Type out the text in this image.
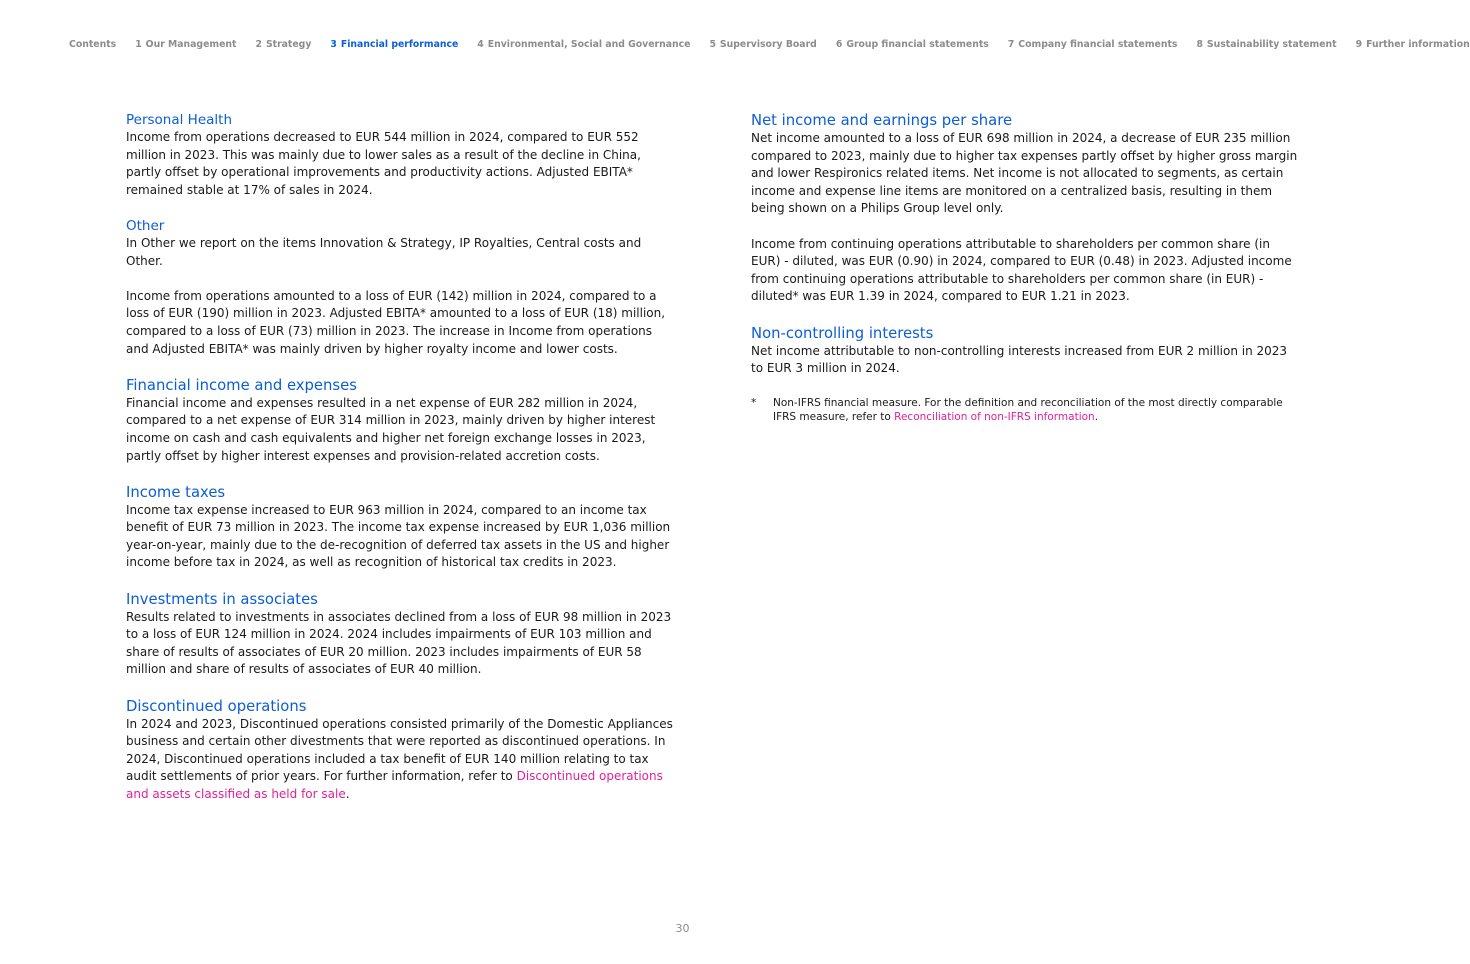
Contents 1 Our Management 2 Strategy 3 Financial performance 4 Environmental, Social and Governance 5 Supervisory Board 6 Group financial statements 7 Company financial statements 8 Sustainability statement 9 Further information
Personal Health

Income from operations decreased to EUR 544 million in 2024, compared to EUR 552 million in 2023. This was mainly due to lower sales as a result of the decline in China, partly offset by operational improvements and productivity actions. Adjusted EBITA* remained stable at 17% of sales in 2024.

Other

In Other we report on the items Innovation & Strategy, IP Royalties, Central costs and Other.

Income from operations amounted to a loss of EUR (142) million in 2024, compared to a loss of EUR (190) million in 2023. Adjusted EBITA* amounted to a loss of EUR (18) million, compared to a loss of EUR (73) million in 2023. The increase in Income from operations and Adjusted EBITA* was mainly driven by higher royalty income and lower costs.

Financial income and expenses

Financial income and expenses resulted in a net expense of EUR 282 million in 2024, compared to a net expense of EUR 314 million in 2023, mainly driven by higher interest income on cash and cash equivalents and higher net foreign exchange losses in 2023, partly offset by higher interest expenses and provision-related accretion costs.

Income taxes

Income tax expense increased to EUR 963 million in 2024, compared to an income tax benefit of EUR 73 million in 2023. The income tax expense increased by EUR 1,036 million year-on-year, mainly due to the de-recognition of deferred tax assets in the US and higher income before tax in 2024, as well as recognition of historical tax credits in 2023.

Investments in associates

Results related to investments in associates declined from a loss of EUR 98 million in 2023 to a loss of EUR 124 million in 2024. 2024 includes impairments of EUR 103 million and share of results of associates of EUR 20 million. 2023 includes impairments of EUR 58 million and share of results of associates of EUR 40 million.

Discontinued operations

In 2024 and 2023, Discontinued operations consisted primarily of the Domestic Appliances business and certain other divestments that were reported as discontinued operations. In 2024, Discontinued operations included a tax benefit of EUR 140 million relating to tax audit settlements of prior years. For further information, refer to Discontinued operations and assets classified as held for sale.

Net income and earnings per share

Net income amounted to a loss of EUR 698 million in 2024, a decrease of EUR 235 million compared to 2023, mainly due to higher tax expenses partly offset by higher gross margin and lower Respironics related items. Net income is not allocated to segments, as certain income and expense line items are monitored on a centralized basis, resulting in them being shown on a Philips Group level only.

Income from continuing operations attributable to shareholders per common share (in EUR) - diluted, was EUR (0.90) in 2024, compared to EUR (0.48) in 2023. Adjusted income from continuing operations attributable to shareholders per common share (in EUR) - diluted* was EUR 1.39 in 2024, compared to EUR 1.21 in 2023.

Non-controlling interests

Net income attributable to non-controlling interests increased from EUR 2 million in 2023 to EUR 3 million in 2024.

*	Non-IFRS financial measure. For the definition and reconciliation of the most directly comparable IFRS measure, refer to Reconciliation of non-IFRS information.
30
